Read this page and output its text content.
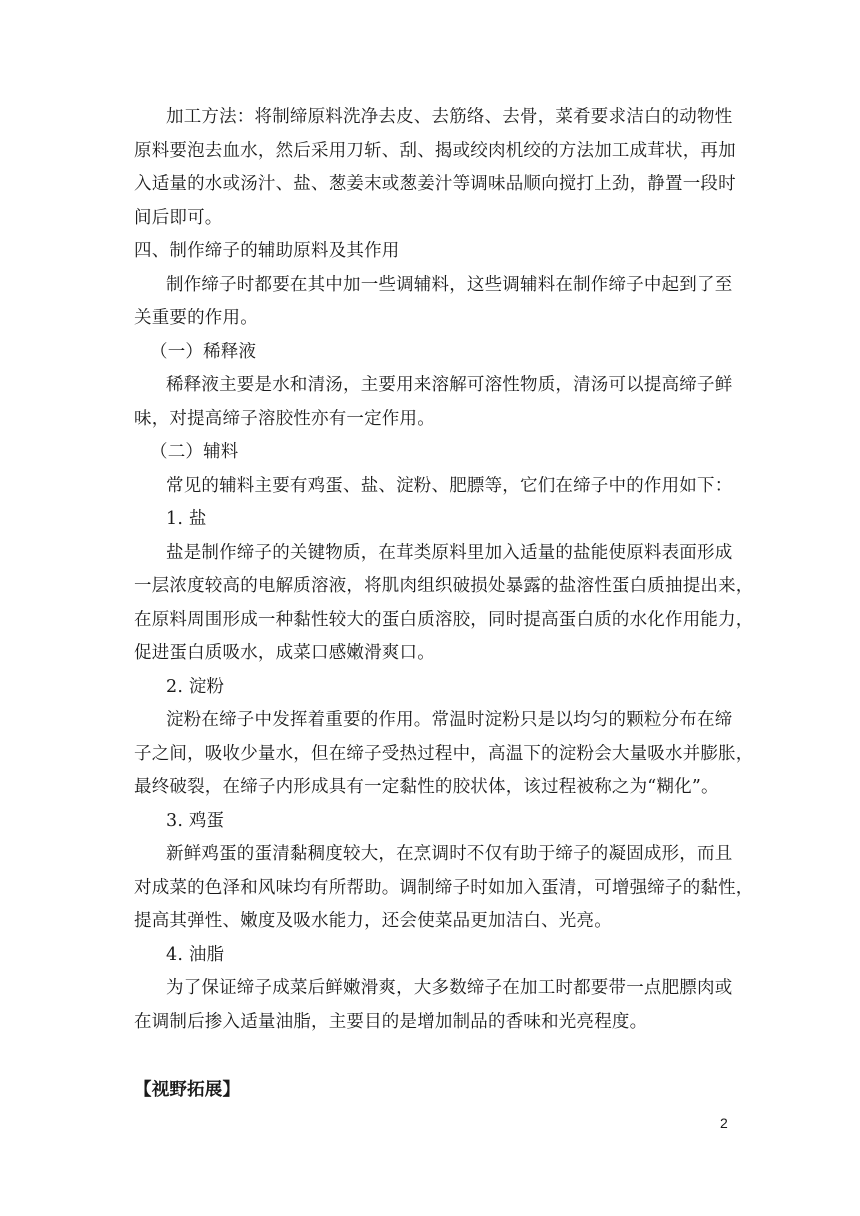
加工方法：将制缔原料洗净去皮、去筋络、去骨，菜肴要求洁白的动物性
原料要泡去血水，然后采用刀斩、刮、揭或绞肉机绞的方法加工成茸状，再加
入适量的水或汤汁、盐、葱姜末或葱姜汁等调味品顺向搅打上劲，静置一段时
间后即可。
四、制作缔子的辅助原料及其作用
制作缔子时都要在其中加一些调辅料，这些调辅料在制作缔子中起到了至
关重要的作用。
（一）稀释液
稀释液主要是水和清汤，主要用来溶解可溶性物质，清汤可以提高缔子鲜
味，对提高缔子溶胶性亦有一定作用。
（二）辅料
常见的辅料主要有鸡蛋、盐、淀粉、肥膘等，它们在缔子中的作用如下：
1. 盐
盐是制作缔子的关键物质，在茸类原料里加入适量的盐能使原料表面形成
一层浓度较高的电解质溶液，将肌肉组织破损处暴露的盐溶性蛋白质抽提出来，
在原料周围形成一种黏性较大的蛋白质溶胶，同时提高蛋白质的水化作用能力，
促进蛋白质吸水，成菜口感嫩滑爽口。
2. 淀粉
淀粉在缔子中发挥着重要的作用。常温时淀粉只是以均匀的颗粒分布在缔
子之间，吸收少量水，但在缔子受热过程中，高温下的淀粉会大量吸水并膨胀，
最终破裂，在缔子内形成具有一定黏性的胶状体，该过程被称之为“糊化”。
3. 鸡蛋
新鲜鸡蛋的蛋清黏稠度较大，在烹调时不仅有助于缔子的凝固成形，而且
对成菜的色泽和风味均有所帮助。调制缔子时如加入蛋清，可增强缔子的黏性，
提高其弹性、嫩度及吸水能力，还会使菜品更加洁白、光亮。
4. 油脂
为了保证缔子成菜后鲜嫩滑爽，大多数缔子在加工时都要带一点肥膘肉或
在调制后掺入适量油脂，主要目的是增加制品的香味和光亮程度。
【视野拓展】
2
